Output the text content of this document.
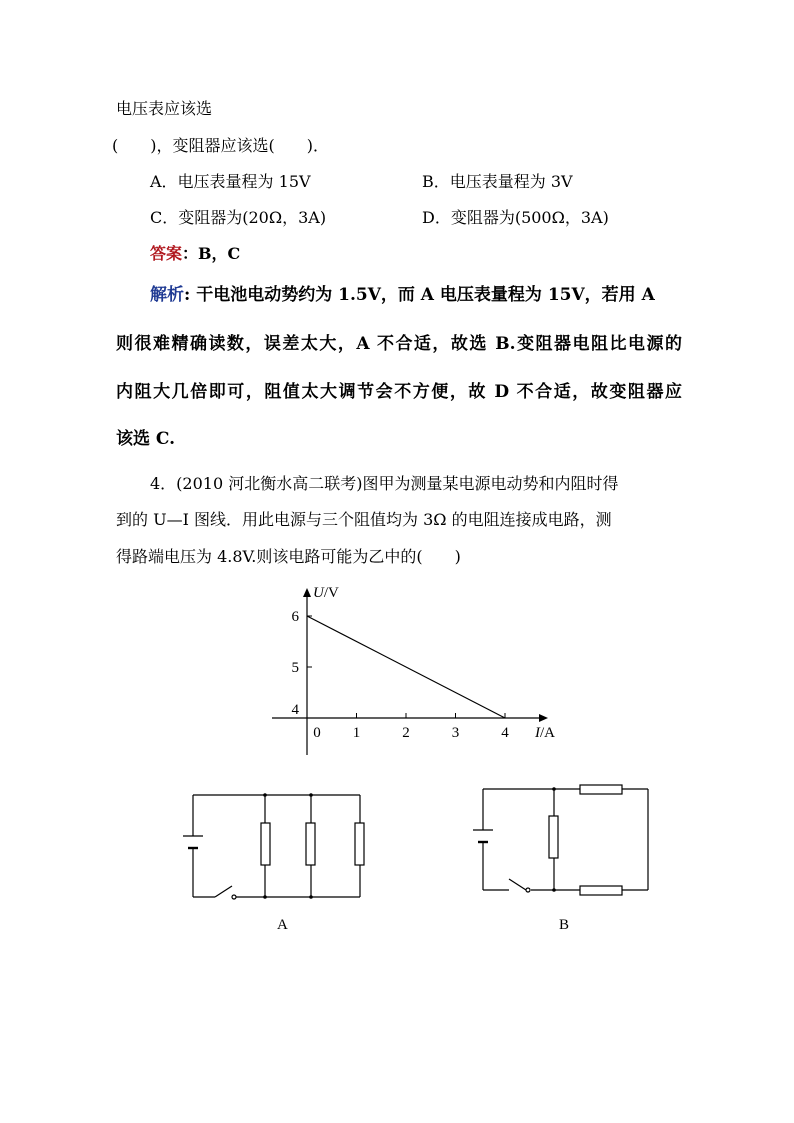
电压表应该选
(　　)，变阻器应该选(　　)．
A．电压表量程为 15V	B．电压表量程为 3V
C．变阻器为(20Ω，3A)	D．变阻器为(500Ω，3A)
答案：B，C
解析: 干电池电动势约为 1.5V，而 A 电压表量程为 15V，若用 A
则很难精确读数，误差太大，A 不合适，故选 B.变阻器电阻比电源的
内阻大几倍即可，阻值太大调节会不方便，故 D 不合适，故变阻器应
该选 C.
4．(2010 河北衡水高二联考)图甲为测量某电源电动势和内阻时得
到的 U—I 图线．用此电源与三个阻值均为 3Ω 的电阻连接成电路，测
得路端电压为 4.8V.则该电路可能为乙中的(　　)
U/V
I/A
0 1	2	3	4
4
5
6
A	B
